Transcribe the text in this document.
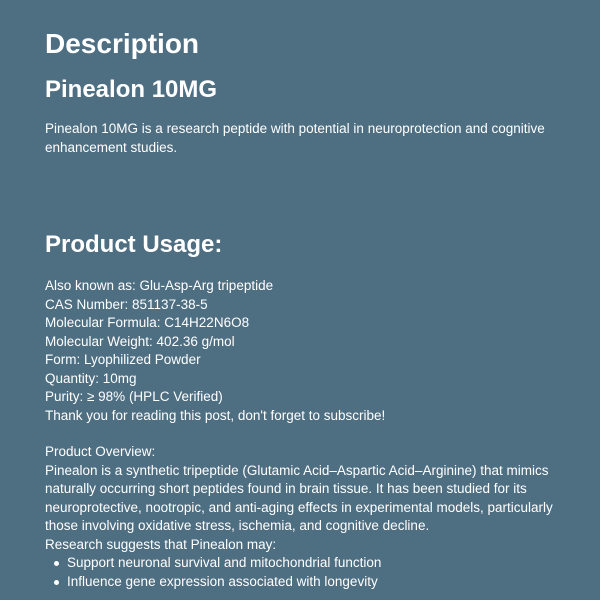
Description
Pinealon 10MG

Pinealon 10MG is a research peptide with potential in neuroprotection and cognitive enhancement studies.

Product Usage:
Also known as: Glu-Asp-Arg tripeptide
CAS Number: 851137-38-5
Molecular Formula: C14H22N6O8
Molecular Weight: 402.36 g/mol
Form: Lyophilized Powder
Quantity: 10mg
Purity: ≥ 98% (HPLC Verified)
Thank you for reading this post, don't forget to subscribe!
Product Overview:
Pinealon is a synthetic tripeptide (Glutamic Acid–Aspartic Acid–Arginine) that mimics naturally occurring short peptides found in brain tissue. It has been studied for its neuroprotective, nootropic, and anti-aging effects in experimental models, particularly those involving oxidative stress, ischemia, and cognitive decline.
Research suggests that Pinealon may:
Support neuronal survival and mitochondrial function
Influence gene expression associated with longevity
